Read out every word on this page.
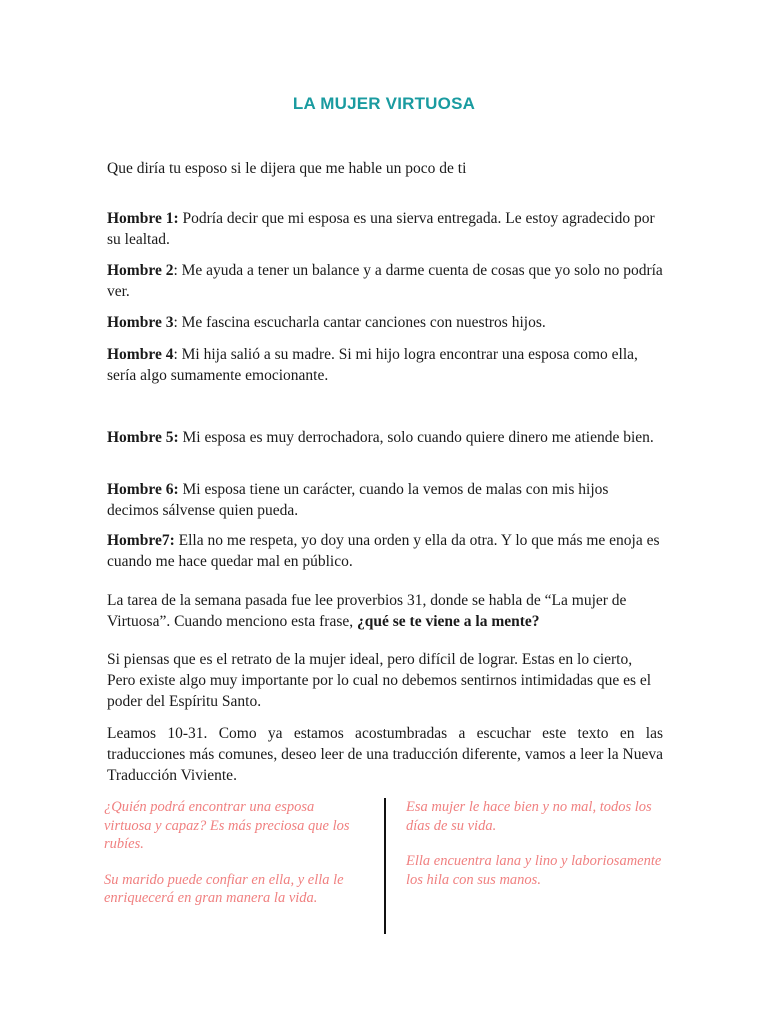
LA MUJER VIRTUOSA

Que diría tu esposo si le dijera que me hable un poco de ti

Hombre 1: Podría decir que mi esposa es una sierva entregada. Le estoy agradecido por su lealtad.

Hombre 2: Me ayuda a tener un balance y a darme cuenta de cosas que yo solo no podría ver.

Hombre 3: Me fascina escucharla cantar canciones con nuestros hijos.

Hombre 4: Mi hija salió a su madre. Si mi hijo logra encontrar una esposa como ella, sería algo sumamente emocionante.

Hombre 5: Mi esposa es muy derrochadora, solo cuando quiere dinero me atiende bien.

Hombre 6: Mi esposa tiene un carácter, cuando la vemos de malas con mis hijos decimos sálvense quien pueda.

Hombre7: Ella no me respeta, yo doy una orden y ella da otra. Y lo que más me enoja es cuando me hace quedar mal en público.

La tarea de la semana pasada fue lee proverbios 31, donde se habla de “La mujer de Virtuosa”. Cuando menciono esta frase, ¿qué se te viene a la mente?

Si piensas que es el retrato de la mujer ideal, pero difícil de lograr. Estas en lo cierto, Pero existe algo muy importante por lo cual no debemos sentirnos intimidadas que es el poder del Espíritu Santo.

Leamos 10-31. Como ya estamos acostumbradas a escuchar este texto en las traducciones más comunes, deseo leer de una traducción diferente, vamos a leer la Nueva Traducción Viviente.

¿Quién podrá encontrar una esposa virtuosa y capaz? Es más preciosa que los rubíes.

Su marido puede confiar en ella, y ella le enriquecerá en gran manera la vida.

Esa mujer le hace bien y no mal, todos los días de su vida.

Ella encuentra lana y lino y laboriosamente los hila con sus manos.
